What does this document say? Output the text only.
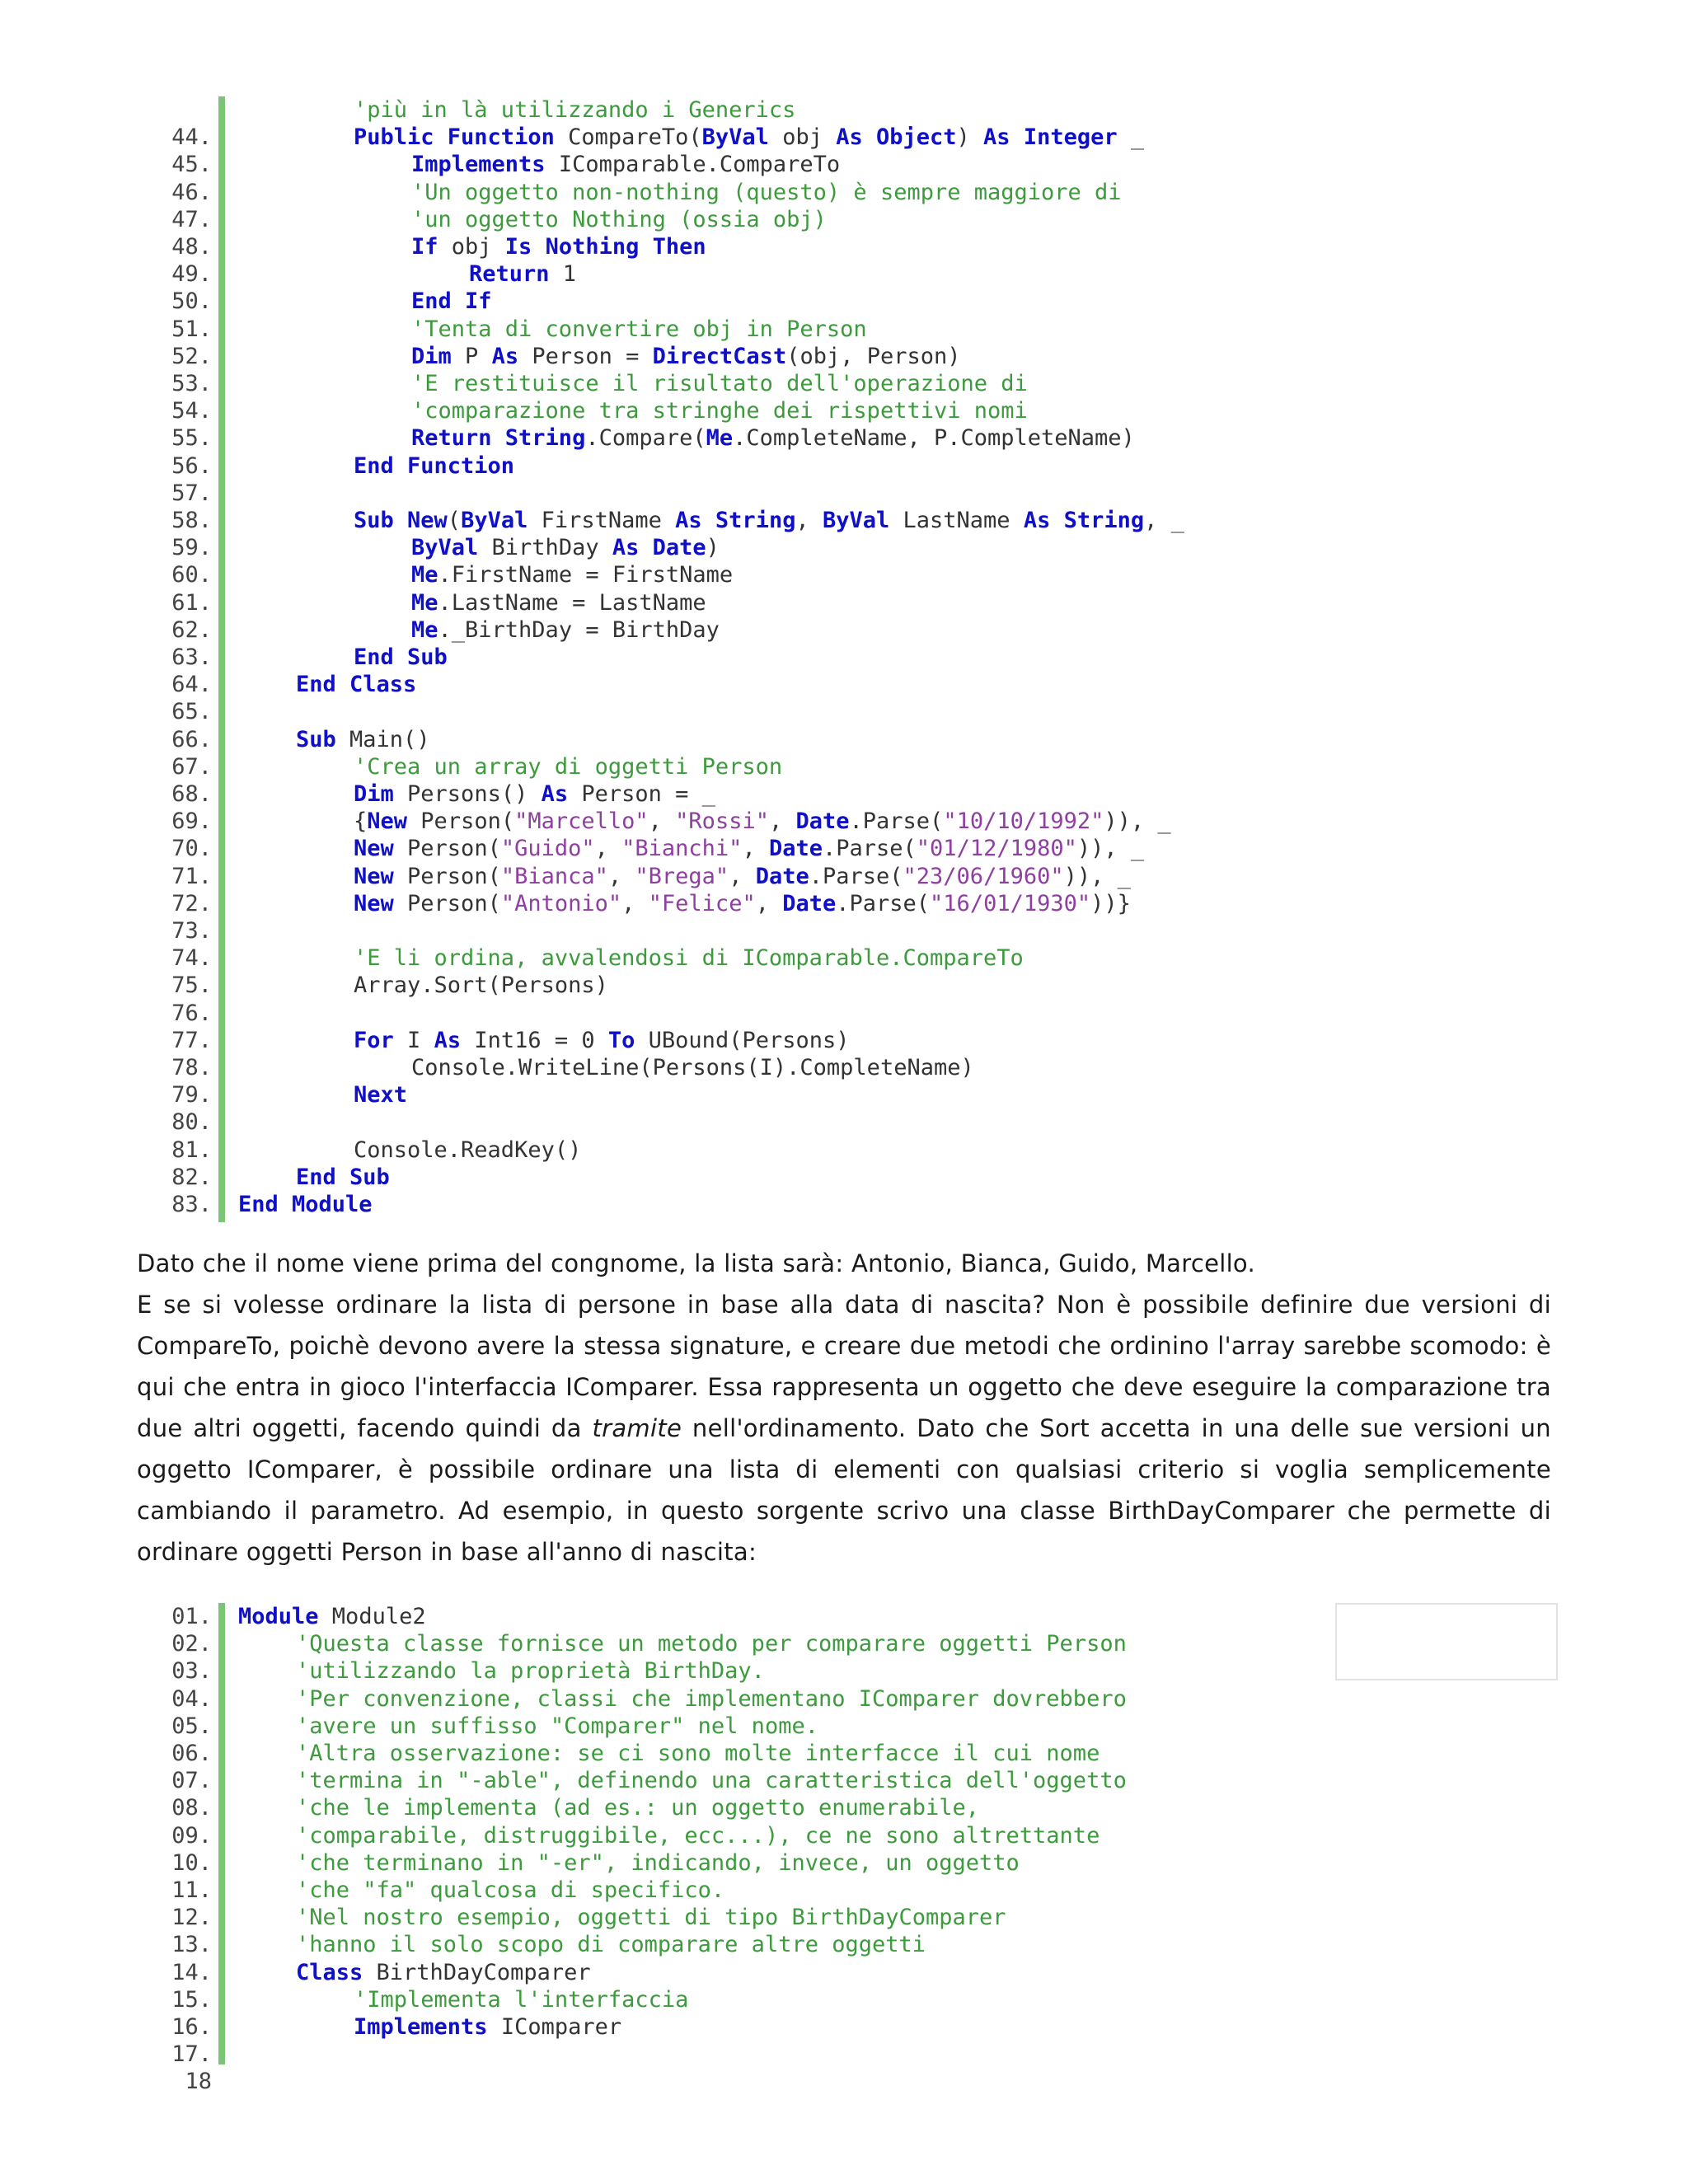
'più in là utilizzando i Generics
44.	Public Function CompareTo(ByVal obj As Object) As Integer _
45.	Implements IComparable.CompareTo
46.	'Un oggetto non-nothing (questo) è sempre maggiore di
47.	'un oggetto Nothing (ossia obj)
48.	If obj Is Nothing Then
49.	Return 1
50.	End If
51.	'Tenta di convertire obj in Person
52.	Dim P As Person = DirectCast(obj, Person)
53.	'E restituisce il risultato dell'operazione di
54.	'comparazione tra stringhe dei rispettivi nomi
55.	Return String.Compare(Me.CompleteName, P.CompleteName)
56.	End Function
57.
58.	Sub New(ByVal FirstName As String, ByVal LastName As String, _
59.	ByVal BirthDay As Date)
60.	Me.FirstName = FirstName
61.	Me.LastName = LastName
62.	Me._BirthDay = BirthDay
63.	End Sub
64.	End Class
65.
66.	Sub Main()
67.	'Crea un array di oggetti Person
68.	Dim Persons() As Person = _
69.	{New Person("Marcello", "Rossi", Date.Parse("10/10/1992")), _
70.	New Person("Guido", "Bianchi", Date.Parse("01/12/1980")), _
71.	New Person("Bianca", "Brega", Date.Parse("23/06/1960")), _
72.	New Person("Antonio", "Felice", Date.Parse("16/01/1930"))}
73.
74.	'E li ordina, avvalendosi di IComparable.CompareTo
75.	Array.Sort(Persons)
76.
77.	For I As Int16 = 0 To UBound(Persons)
78.	Console.WriteLine(Persons(I).CompleteName)
79.	Next
80.
81.	Console.ReadKey()
82.	End Sub
83. End Module

Dato che il nome viene prima del congnome, la lista sarà: Antonio, Bianca, Guido, Marcello.

E se si volesse ordinare la lista di persone in base alla data di nascita? Non è possibile definire due versioni di CompareTo, poichè devono avere la stessa signature, e creare due metodi che ordinino l'array sarebbe scomodo: è qui che entra in gioco l'interfaccia IComparer. Essa rappresenta un oggetto che deve eseguire la comparazione tra due altri oggetti, facendo quindi da tramite nell'ordinamento. Dato che Sort accetta in una delle sue versioni un oggetto IComparer, è possibile ordinare una lista di elementi con qualsiasi criterio si voglia semplicemente cambiando il parametro. Ad esempio, in questo sorgente scrivo una classe BirthDayComparer che permette di ordinare oggetti Person in base all'anno di nascita:

01. Module Module2
02.	'Questa classe fornisce un metodo per comparare oggetti Person
03.	'utilizzando la proprietà BirthDay.
04.	'Per convenzione, classi che implementano IComparer dovrebbero
05.	'avere un suffisso "Comparer" nel nome.
06.	'Altra osservazione: se ci sono molte interfacce il cui nome
07.	'termina in "-able", definendo una caratteristica dell'oggetto
08.	'che le implementa (ad es.: un oggetto enumerabile,
09.	'comparabile, distruggibile, ecc...), ce ne sono altrettante
10.	'che terminano in "-er", indicando, invece, un oggetto
11.	'che "fa" qualcosa di specifico.
12.	'Nel nostro esempio, oggetti di tipo BirthDayComparer
13.	'hanno il solo scopo di comparare altre oggetti
14.	Class BirthDayComparer
15.	'Implementa l'interfaccia
16.	Implements IComparer
17.
18
